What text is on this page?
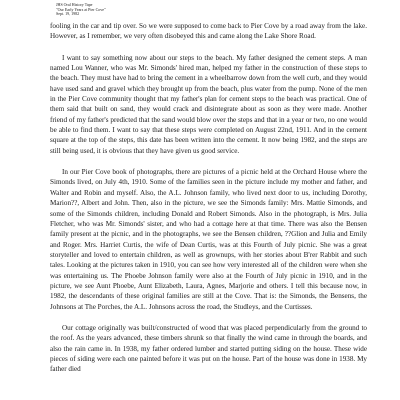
JHS Oral History Tape
"Our Early Years at Pier Cove"
Sept. 19, 1982

fooling in the car and tip over. So we were supposed to come back to Pier Cove by a road away from the lake. However, as I remember, we very often disobeyed this and came along the Lake Shore Road.

I want to say something now about our steps to the beach. My father designed the cement steps. A man named Lou Wanner, who was Mr. Simonds' hired man, helped my father in the construction of these steps to the beach. They must have had to bring the cement in a wheelbarrow down from the well curb, and they would have used sand and gravel which they brought up from the beach, plus water from the pump. None of the men in the Pier Cove community thought that my father's plan for cement steps to the beach was practical. One of them said that built on sand, they would crack and disintegrate about as soon as they were made. Another friend of my father's predicted that the sand would blow over the steps and that in a year or two, no one would be able to find them. I want to say that these steps were completed on August 22nd, 1911. And in the cement square at the top of the steps, this date has been written into the cement. It now being 1982, and the steps are still being used, it is obvious that they have given us good service.

In our Pier Cove book of photographs, there are pictures of a picnic held at the Orchard House where the Simonds lived, on July 4th, 1910. Some of the families seen in the picture include my mother and father, and Walter and Robin and myself. Also, the A.L. Johnson family, who lived next door to us, including Dorothy, Marion??, Albert and John. Then, also in the picture, we see the Simonds family: Mrs. Mattie Simonds, and some of the Simonds children, including Donald and Robert Simonds. Also in the photograph, is Mrs. Julia Fletcher, who was Mr. Simonds' sister, and who had a cottage here at that time. There was also the Bensen family present at the picnic, and in the photographs, we see the Bensen children, ??Glion and Julia and Emily and Roger. Mrs. Harriet Curtis, the wife of Dean Curtis, was at this Fourth of July picnic. She was a great storyteller and loved to entertain children, as well as grownups, with her stories about B'rer Rabbit and such tales. Looking at the pictures taken in 1910, you can see how very interested all of the children were when she was entertaining us. The Phoebe Johnson family were also at the Fourth of July picnic in 1910, and in the picture, we see Aunt Phoebe, Aunt Elizabeth, Laura, Agnes, Marjorie and others. I tell this because now, in 1982, the descendants of these original families are still at the Cove. That is: the Simonds, the Bensens, the Johnsons at The Porches, the A.L. Johnsons across the road, the Studleys, and the Curtisses.

Our cottage originally was built/constructed of wood that was placed perpendicularly from the ground to the roof. As the years advanced, these timbers shrunk so that finally the wind came in through the boards, and also the rain came in. In 1938, my father ordered lumber and started putting siding on the house. These wide pieces of siding were each one painted before it was put on the house. Part of the house was done in 1938. My father died
